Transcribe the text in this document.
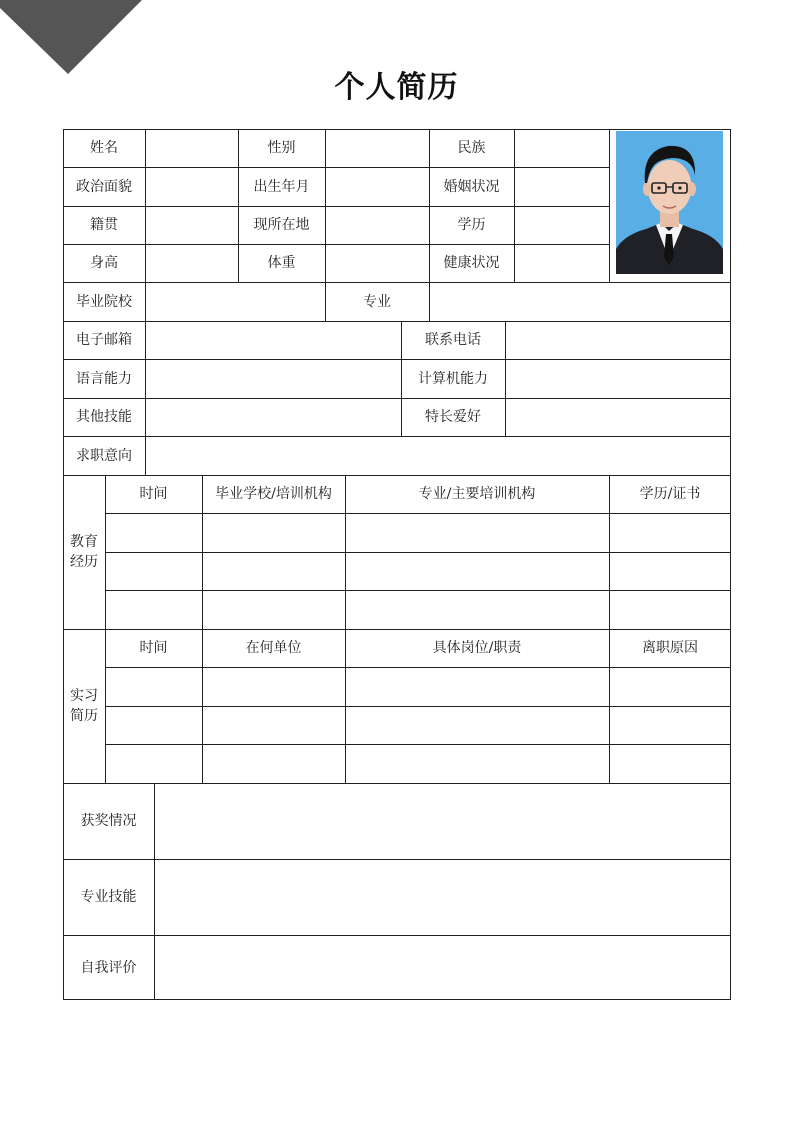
个人简历
姓名	性别	民族
政治面貌	出生年月	婚姻状况
籍贯	现所在地	学历
身高	体重	健康状况
毕业院校	专业
电子邮箱	联系电话
语言能力	计算机能力
其他技能	特长爱好
求职意向
教育
经历
时间	毕业学校/培训机构	专业/主要培训机构	学历/证书
实习
简历
时间	在何单位	具体岗位/职责	离职原因
获奖情况
专业技能
自我评价
